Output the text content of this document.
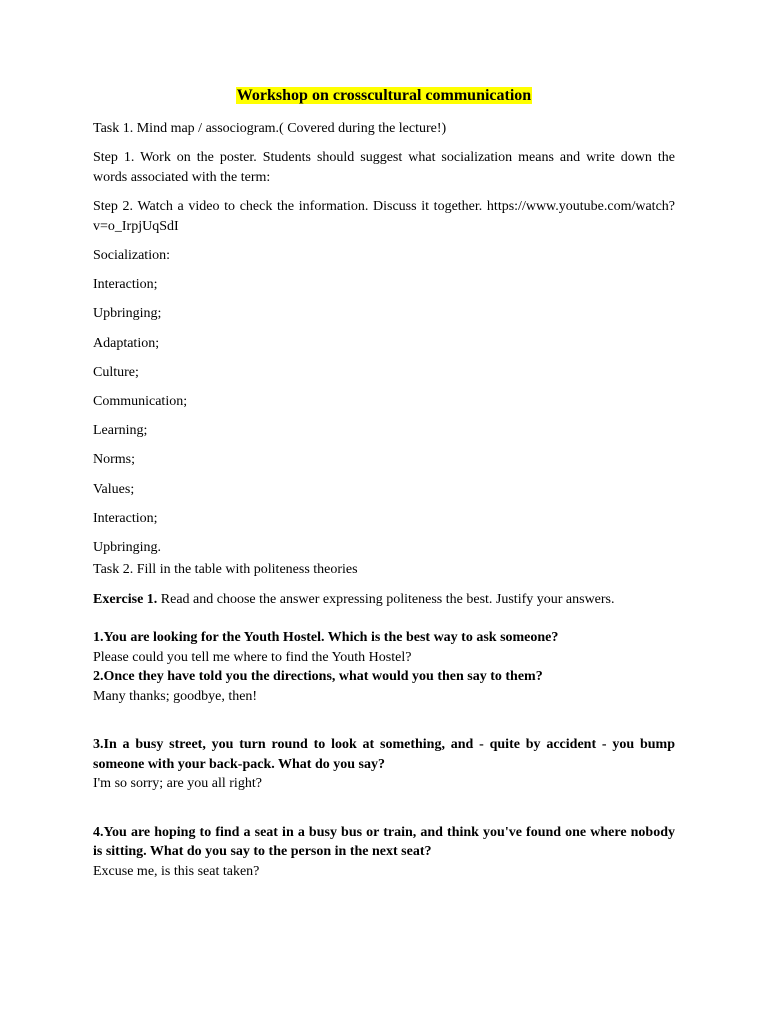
Workshop on crosscultural communication

Task 1. Mind map / associogram.( Covered during the lecture!)

Step 1. Work on the poster. Students should suggest what socialization means and write down the words associated with the term:

Step 2. Watch a video to check the information. Discuss it together. https://www.youtube.com/watch?v=o_IrpjUqSdI

Socialization:

Interaction;

Upbringing;

Adaptation;

Culture;

Communication;

Learning;

Norms;

Values;

Interaction;

Upbringing.

Task 2. Fill in the table with politeness theories

Exercise 1. Read and choose the answer expressing politeness the best. Justify your answers.

1.You are looking for the Youth Hostel. Which is the best way to ask someone?

Please could you tell me where to find the Youth Hostel?

2.Once they have told you the directions, what would you then say to them?

Many thanks; goodbye, then!

3.In a busy street, you turn round to look at something, and - quite by accident - you bump someone with your back-pack. What do you say?

I'm so sorry; are you all right?

4.You are hoping to find a seat in a busy bus or train, and think you've found one where nobody is sitting. What do you say to the person in the next seat?

Excuse me, is this seat taken?
